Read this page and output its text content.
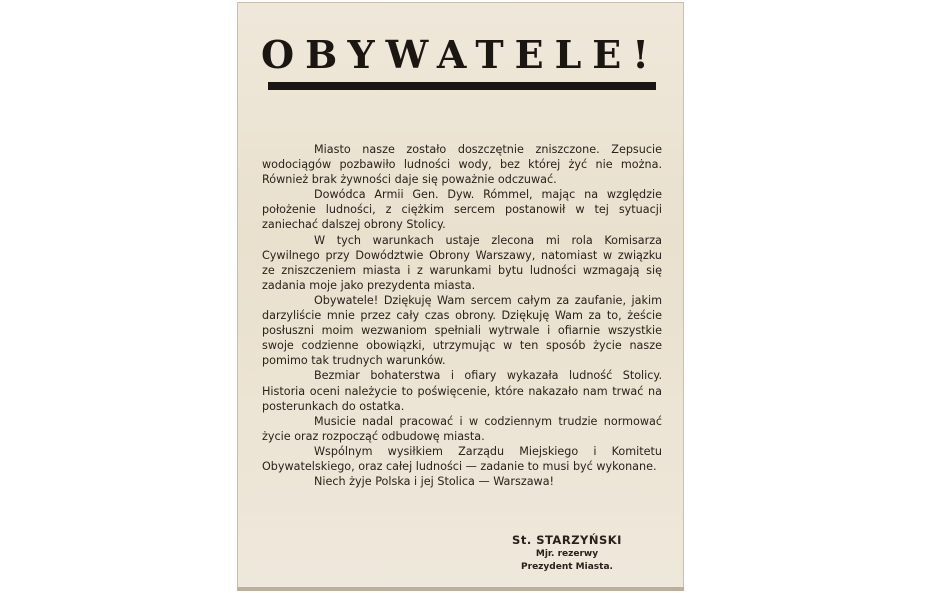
OBYWATELE!

Miasto nasze zostało doszczętnie zniszczone. Zepsucie wodociągów pozbawiło ludności wody, bez której żyć nie można. Również brak żywności daje się poważnie odczuwać.

Dowódca Armii Gen. Dyw. Rómmel, mając na względzie położenie ludności, z ciężkim sercem postanowił w tej sytuacji zaniechać dalszej obrony Stolicy.

W tych warunkach ustaje zlecona mi rola Komisarza Cywilnego przy Dowództwie Obrony Warszawy, natomiast w związku ze zniszczeniem miasta i z warunkami bytu ludności wzmagają się zadania moje jako prezydenta miasta.

Obywatele! Dziękuję Wam sercem całym za zaufanie, jakim darzyliście mnie przez cały czas obrony. Dziękuję Wam za to, żeście posłuszni moim wezwaniom spełniali wytrwale i ofiarnie wszystkie swoje codzienne obowiązki, utrzymując w ten sposób życie nasze pomimo tak trudnych warunków.

Bezmiar bohaterstwa i ofiary wykazała ludność Stolicy. Historia oceni należycie to poświęcenie, które nakazało nam trwać na posterunkach do ostatka.

Musicie nadal pracować i w codziennym trudzie normować życie oraz rozpocząć odbudowę miasta.

Wspólnym wysiłkiem Zarządu Miejskiego i Komitetu Obywatelskiego, oraz całej ludności — zadanie to musi być wykonane.

Niech żyje Polska i jej Stolica — Warszawa!

St. STARZYŃSKI
Mjr. rezerwy
Prezydent Miasta.
